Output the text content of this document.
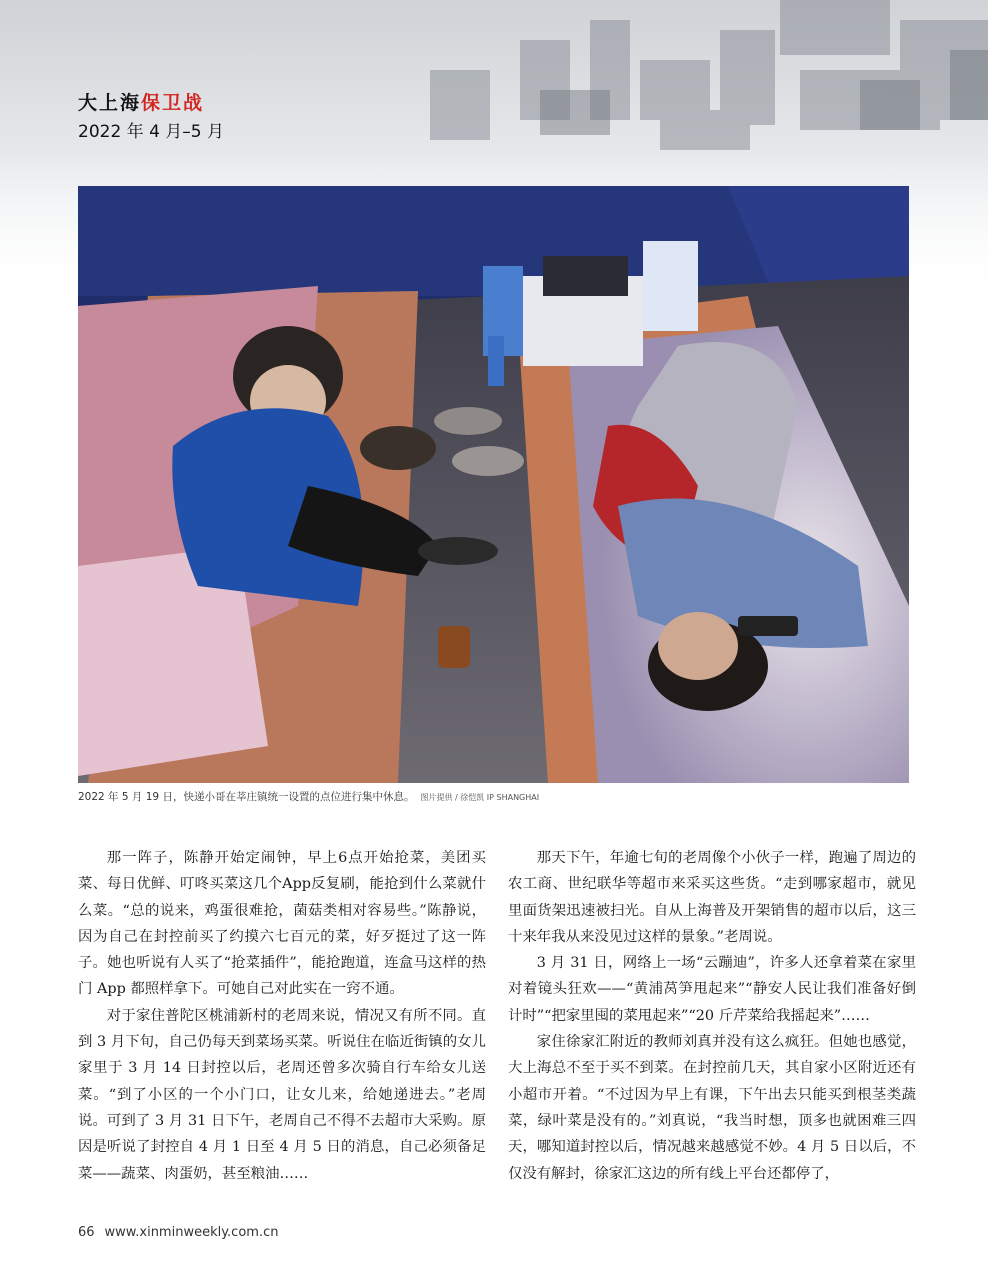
大上海保卫战
2022 年 4 月–5 月
2022 年 5 月 19 日，快递小哥在莘庄镇统一设置的点位进行集中休息。 图片提供 / 徐恺凯 IP SHANGHAI

那一阵子，陈静开始定闹钟，早上6点开始抢菜，美团买菜、每日优鲜、叮咚买菜这几个App反复刷，能抢到什么菜就什么菜。“总的说来，鸡蛋很难抢，菌菇类相对容易些。”陈静说，因为自己在封控前买了约摸六七百元的菜，好歹挺过了这一阵子。她也听说有人买了“抢菜插件”，能抢跑道，连盒马这样的热门 App 都照样拿下。可她自己对此实在一窍不通。

对于家住普陀区桃浦新村的老周来说，情况又有所不同。直到 3 月下旬，自己仍每天到菜场买菜。听说住在临近街镇的女儿家里于 3 月 14 日封控以后，老周还曾多次骑自行车给女儿送菜。“到了小区的一个小门口，让女儿来，给她递进去。”老周说。可到了 3 月 31 日下午，老周自己不得不去超市大采购。原因是听说了封控自 4 月 1 日至 4 月 5 日的消息，自己必须备足菜——蔬菜、肉蛋奶，甚至粮油……

那天下午，年逾七旬的老周像个小伙子一样，跑遍了周边的农工商、世纪联华等超市来采买这些货。“走到哪家超市，就见里面货架迅速被扫光。自从上海普及开架销售的超市以后，这三十来年我从来没见过这样的景象。”老周说。

3 月 31 日，网络上一场“云蹦迪”，许多人还拿着菜在家里对着镜头狂欢——“黄浦莴笋甩起来”“静安人民让我们准备好倒计时”“把家里囤的菜甩起来”“20 斤芹菜给我摇起来”……

家住徐家汇附近的教师刘真并没有这么疯狂。但她也感觉，大上海总不至于买不到菜。在封控前几天，其自家小区附近还有小超市开着。“不过因为早上有课，下午出去只能买到根茎类蔬菜，绿叶菜是没有的。”刘真说，“我当时想，顶多也就困难三四天，哪知道封控以后，情况越来越感觉不妙。4 月 5 日以后，不仅没有解封，徐家汇这边的所有线上平台还都停了，

66 www.xinminweekly.com.cn
